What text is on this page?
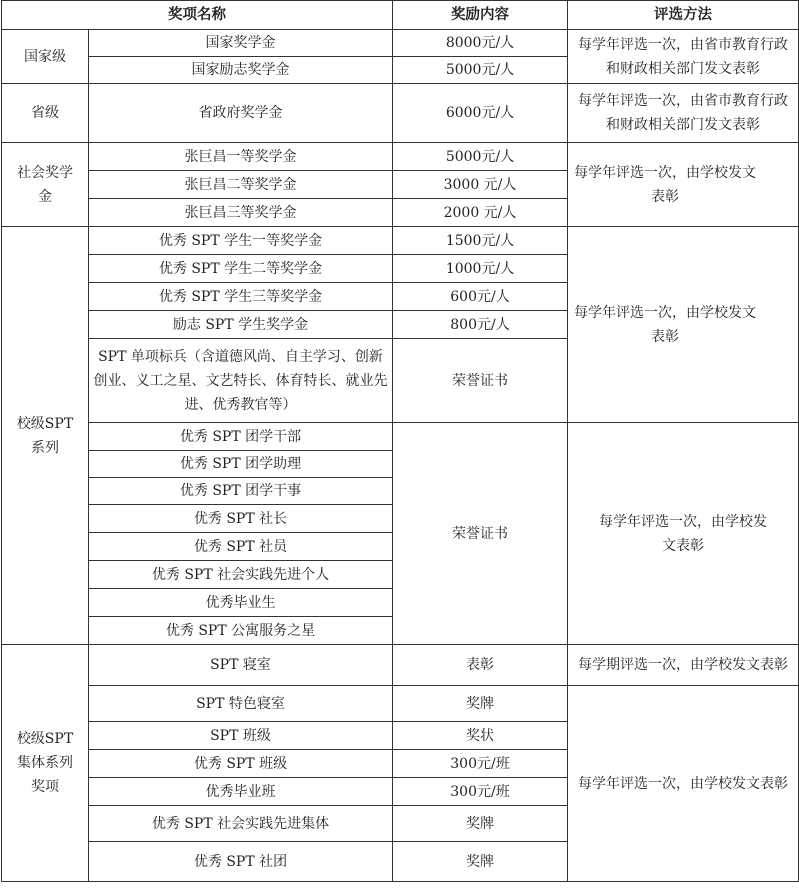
奖项名称		奖励内容	评选方法
国家级	国家奖学金	8000元/人	每学年评选一次，由省市教育行政和财政相关部门发文表彰
	国家励志奖学金	5000元/人	
省级	省政府奖学金	6000元/人	每学年评选一次，由省市教育行政和财政相关部门发文表彰
社会奖学金	张巨昌一等奖学金	5000元/人	每学年评选一次，由学校发文表彰
	张巨昌二等奖学金	3000 元/人	
	张巨昌三等奖学金	2000 元/人	
校级SPT系列	优秀 SPT 学生一等奖学金	1500元/人	每学年评选一次，由学校发文表彰
	优秀 SPT 学生二等奖学金	1000元/人	
	优秀 SPT 学生三等奖学金	600元/人	
	励志 SPT 学生奖学金	800元/人	
	SPT 单项标兵（含道德风尚、自主学习、创新创业、义工之星、文艺特长、体育特长、就业先进、优秀教官等）	荣誉证书	
	优秀 SPT 团学干部	荣誉证书	每学年评选一次，由学校发文表彰
	优秀 SPT 团学助理		
	优秀 SPT 团学干事		
	优秀 SPT 社长		
	优秀 SPT 社员		
	优秀 SPT 社会实践先进个人		
	优秀毕业生		
	优秀 SPT 公寓服务之星		
校级SPT集体系列奖项	SPT 寝室	表彰	每学期评选一次，由学校发文表彰
	SPT 特色寝室	奖牌	每学年评选一次，由学校发文表彰
	SPT 班级	奖状	
	优秀 SPT 班级	300元/班	
	优秀毕业班	300元/班	
	优秀 SPT 社会实践先进集体	奖牌	
	优秀 SPT 社团	奖牌	
